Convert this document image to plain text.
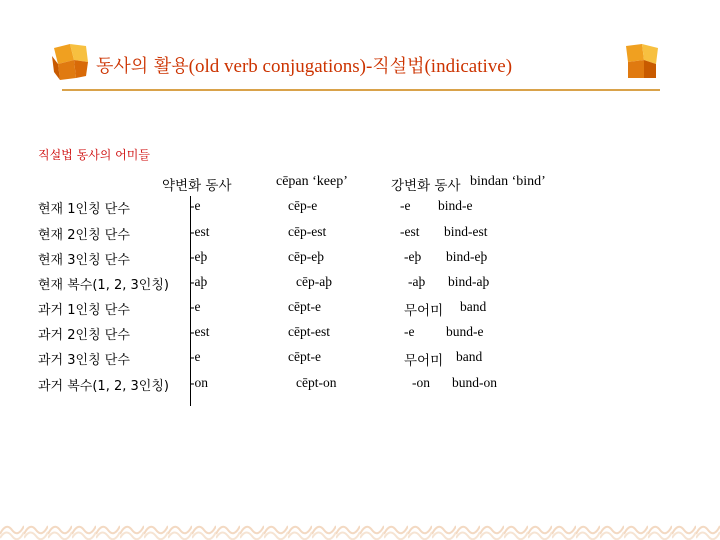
동사의 활용(old verb conjugations)-직설법(indicative)
직설법 동사의 어미들
약변화 동사	cēpan ‘keep’	강변화 동사 bindan ‘bind’
현재 1인칭 단수	-e	cēp-e	-e bind-e
현재 2인칭 단수	-est	cēp-est	-est bind-est
현재 3인칭 단수	-eþ	cēp-eþ	-eþ bind-eþ
현재 복수(1, 2, 3인칭) -aþ	cēp-aþ	-aþ bind-aþ
과거 1인칭 단수	-e	cēpt-e	무어미 band
과거 2인칭 단수	-est	cēpt-est	-e bund-e
과거 3인칭 단수	-e	cēpt-e	무어미 band
과거 복수(1, 2, 3인칭) -on	cēpt-on	-on bund-on
